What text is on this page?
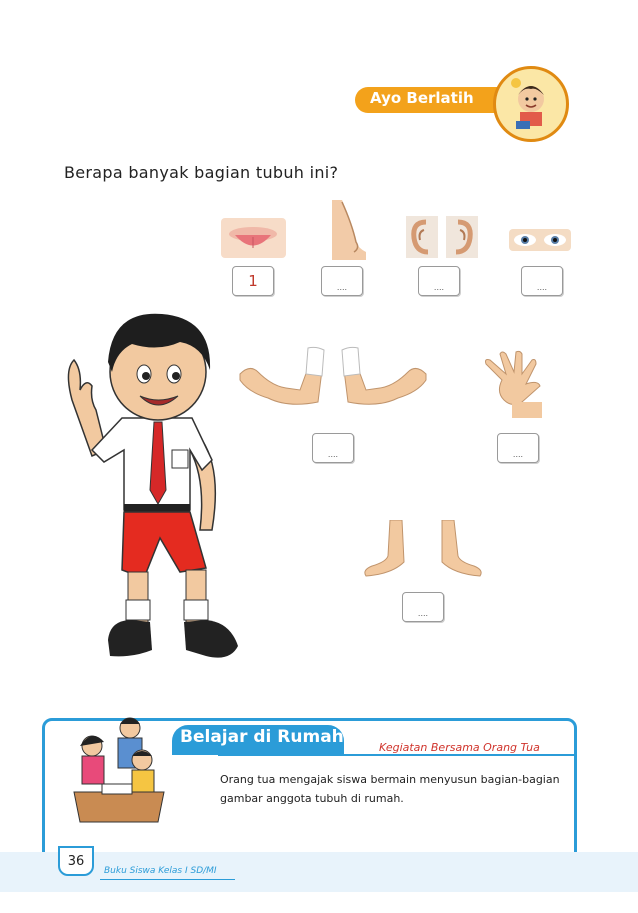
Ayo Berlatih
Berapa banyak bagian tubuh ini?
1	....	....	....
....	....
....
Belajar di Rumah
Kegiatan Bersama Orang Tua
Orang tua mengajak siswa bermain menyusun bagian-bagian gambar anggota tubuh di rumah.
36
Buku Siswa Kelas I SD/MI
